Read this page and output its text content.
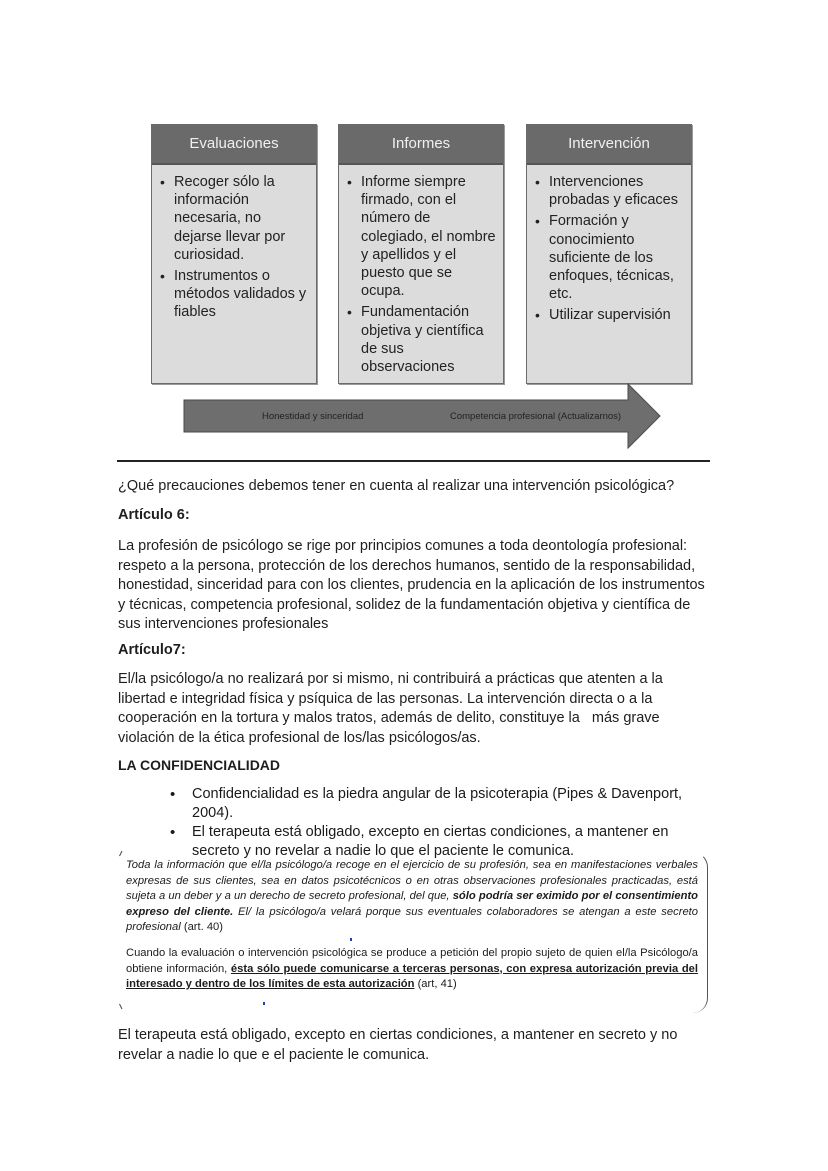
Evaluaciones
• Recoger sólo la información necesaria, no dejarse llevar por curiosidad.
• Instrumentos o métodos validados y fiables
Informes
• Informe siempre firmado, con el número de colegiado, el nombre y apellidos y el puesto que se ocupa.
• Fundamentación objetiva y científica de sus observaciones
Intervención
• Intervenciones probadas y eficaces
• Formación y conocimiento suficiente de los enfoques, técnicas, etc.
• Utilizar supervisión
Honestidad y sinceridad	Competencia profesional (Actualizarnos)
¿Qué precauciones debemos tener en cuenta al realizar una intervención psicológica?
Artículo 6:
La profesión de psicólogo se rige por principios comunes a toda deontología profesional: respeto a la persona, protección de los derechos humanos, sentido de la responsabilidad, honestidad, sinceridad para con los clientes, prudencia en la aplicación de los instrumentos y técnicas, competencia profesional, solidez de la fundamentación objetiva y científica de sus intervenciones profesionales
Artículo7:
El/la psicólogo/a no realizará por si mismo, ni contribuirá a prácticas que atenten a la libertad e integridad física y psíquica de las personas. La intervención directa o a la cooperación en la tortura y malos tratos, además de delito, constituye la   más grave violación de la ética profesional de los/las psicólogos/as.
LA CONFIDENCIALIDAD
• Confidencialidad es la piedra angular de la psicoterapia (Pipes & Davenport, 2004).
• El terapeuta está obligado, excepto en ciertas condiciones, a mantener en secreto y no revelar a nadie lo que el paciente le comunica.
Toda la información que el/la psicólogo/a recoge en el ejercicio de su profesión, sea en manifestaciones verbales expresas de sus clientes, sea en datos psicotécnicos o en otras observaciones profesionales practicadas, está sujeta a un deber y a un derecho de secreto profesional, del que, sólo podría ser eximido por el consentimiento expreso del cliente. El/ la psicólogo/a velará porque sus eventuales colaboradores se atengan a este secreto profesional (art. 40)
Cuando la evaluación o intervención psicológica se produce a petición del propio sujeto de quien el/la Psicólogo/a obtiene información, ésta sólo puede comunicarse a terceras personas, con expresa autorización previa del interesado y dentro de los límites de esta autorización (art, 41)
El terapeuta está obligado, excepto en ciertas condiciones, a mantener en secreto y no revelar a nadie lo que e el paciente le comunica.
